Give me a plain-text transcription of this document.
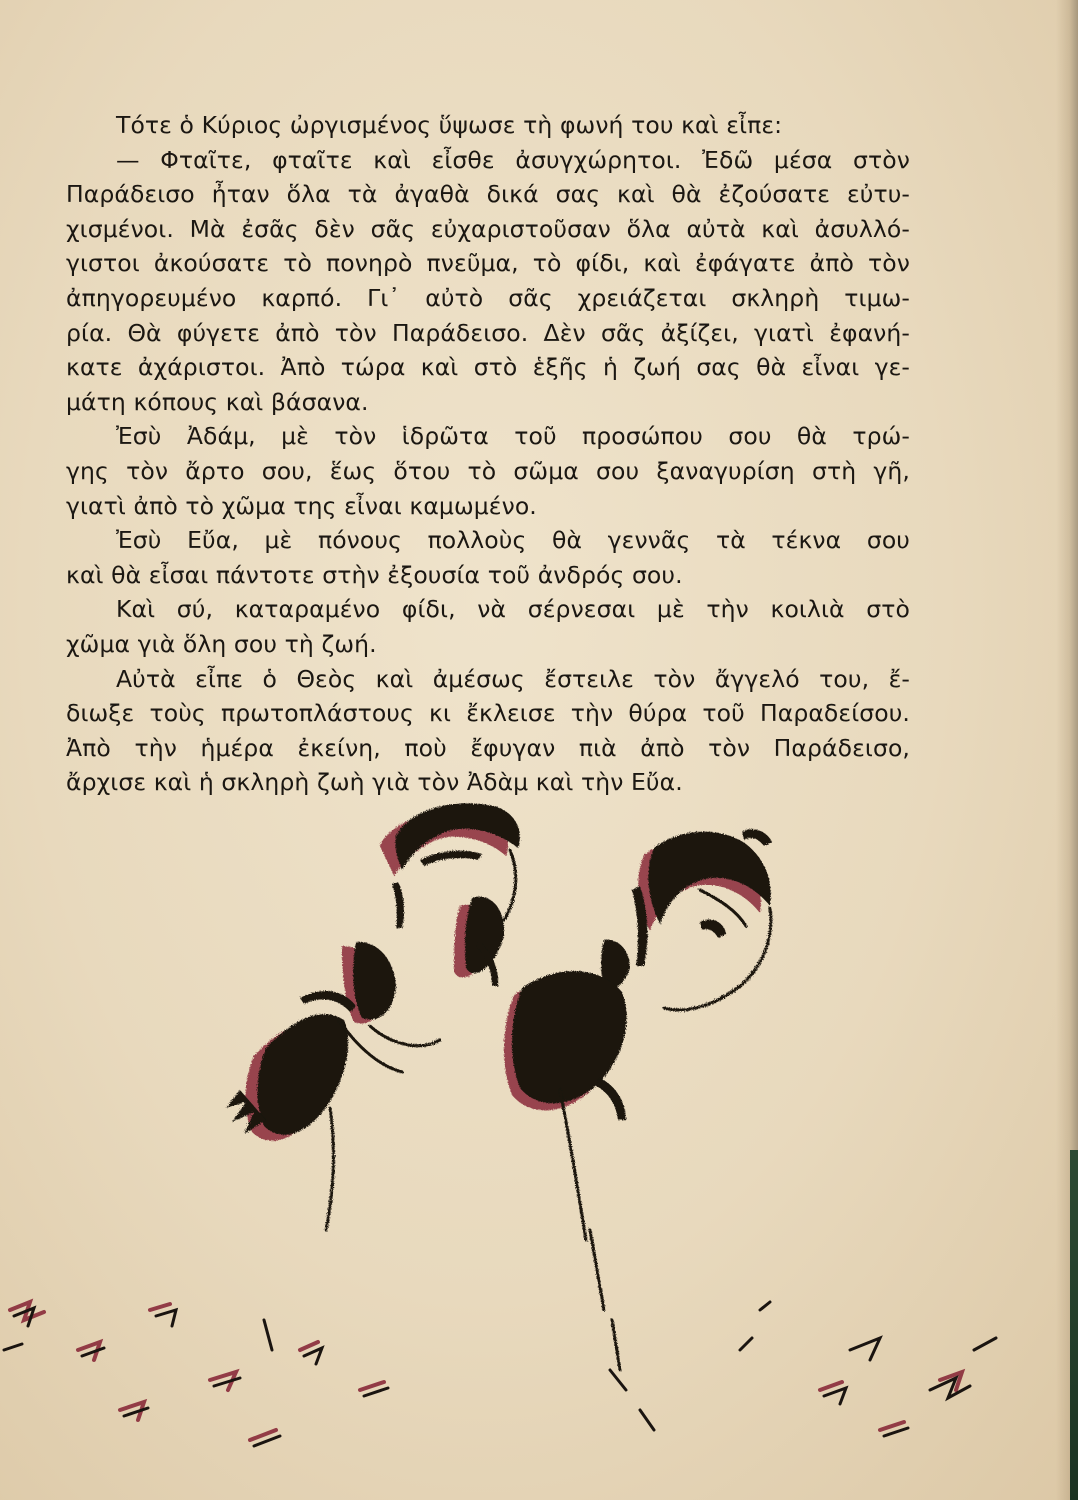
Τότε ὁ Κύριος ὠργισμένος ὕψωσε τὴ φωνή του καὶ εἶπε:

— Φταῖτε, φταῖτε καὶ εἶσθε ἀσυγχώρητοι. Ἐδῶ μέσα στὸν
Παράδεισο ἦταν ὅλα τὰ ἀγαθὰ δικά σας καὶ θὰ ἐζούσατε εὐτυ-
χισμένοι. Μὰ ἐσᾶς δὲν σᾶς εὐχαριστοῦσαν ὅλα αὐτὰ καὶ ἀσυλλό-
γιστοι ἀκούσατε τὸ πονηρὸ πνεῦμα, τὸ φίδι, καὶ ἐφάγατε ἀπὸ τὸν
ἀπηγορευμένο καρπό. Γι᾽ αὐτὸ σᾶς χρειάζεται σκληρὴ τιμω-
ρία. Θὰ φύγετε ἀπὸ τὸν Παράδεισο. Δὲν σᾶς ἀξίζει, γιατὶ ἐφανή-
κατε ἀχάριστοι. Ἀπὸ τώρα καὶ στὸ ἑξῆς ἡ ζωή σας θὰ εἶναι γε-
μάτη κόπους καὶ βάσανα.

Ἐσὺ Ἀδάμ, μὲ τὸν ἱδρῶτα τοῦ προσώπου σου θὰ τρώ-
γης τὸν ἄρτο σου, ἕως ὅτου τὸ σῶμα σου ξαναγυρίση στὴ γῆ,
γιατὶ ἀπὸ τὸ χῶμα της εἶναι καμωμένο.

Ἐσὺ Εὔα, μὲ πόνους πολλοὺς θὰ γεννᾶς τὰ τέκνα σου
καὶ θὰ εἶσαι πάντοτε στὴν ἐξουσία τοῦ ἀνδρός σου.

Καὶ σύ, καταραμένο φίδι, νὰ σέρνεσαι μὲ τὴν κοιλιὰ στὸ
χῶμα γιὰ ὅλη σου τὴ ζωή.

Αὐτὰ εἶπε ὁ Θεὸς καὶ ἀμέσως ἔστειλε τὸν ἄγγελό του, ἔ-
διωξε τοὺς πρωτοπλάστους κι ἔκλεισε τὴν θύρα τοῦ Παραδείσου.
Ἀπὸ τὴν ἡμέρα ἐκείνη, ποὺ ἔφυγαν πιὰ ἀπὸ τὸν Παράδεισο,
ἄρχισε καὶ ἡ σκληρὴ ζωὴ γιὰ τὸν Ἀδὰμ καὶ τὴν Εὔα.
